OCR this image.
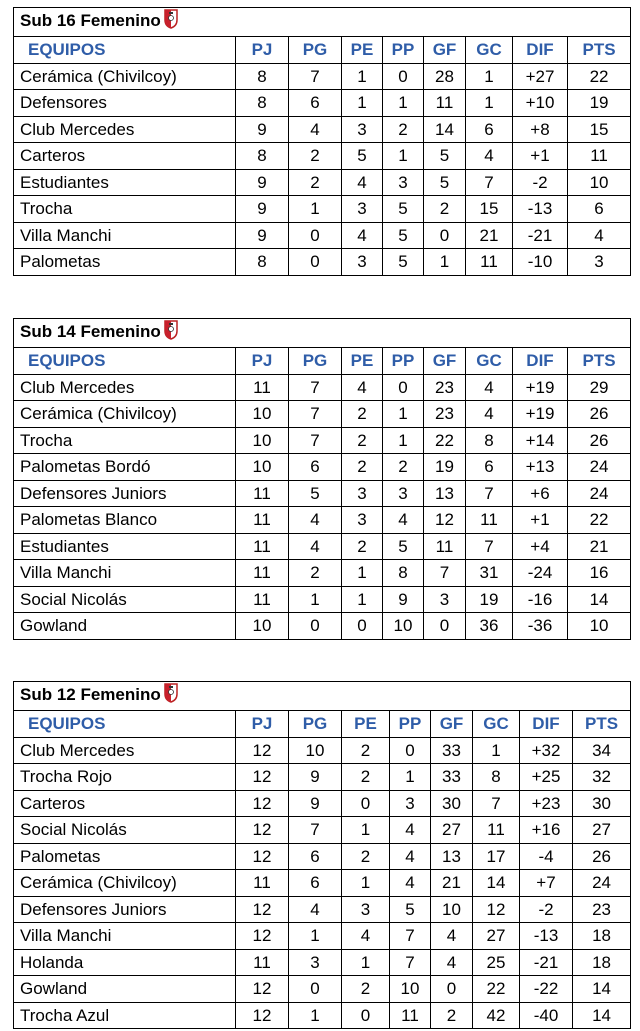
Sub 16 Femenino								
EQUIPOS	PJ	PG	PE	PP	GF	GC	DIF	PTS
Cerámica (Chivilcoy)	8	7	1	0	28	1	+27	22
Defensores	8	6	1	1	11	1	+10	19
Club Mercedes	9	4	3	2	14	6	+8	15
Carteros	8	2	5	1	5	4	+1	11
Estudiantes	9	2	4	3	5	7	-2	10
Trocha	9	1	3	5	2	15	-13	6
Villa Manchi	9	0	4	5	0	21	-21	4
Palometas	8	0	3	5	1	11	-10	3
Sub 14 Femenino								
EQUIPOS	PJ	PG	PE	PP	GF	GC	DIF	PTS
Club Mercedes	11	7	4	0	23	4	+19	29
Cerámica (Chivilcoy)	10	7	2	1	23	4	+19	26
Trocha	10	7	2	1	22	8	+14	26
Palometas Bordó	10	6	2	2	19	6	+13	24
Defensores Juniors	11	5	3	3	13	7	+6	24
Palometas Blanco	11	4	3	4	12	11	+1	22
Estudiantes	11	4	2	5	11	7	+4	21
Villa Manchi	11	2	1	8	7	31	-24	16
Social Nicolás	11	1	1	9	3	19	-16	14
Gowland	10	0	0	10	0	36	-36	10
Sub 12 Femenino								
EQUIPOS	PJ	PG	PE	PP	GF	GC	DIF	PTS
Club Mercedes	12	10	2	0	33	1	+32	34
Trocha Rojo	12	9	2	1	33	8	+25	32
Carteros	12	9	0	3	30	7	+23	30
Social Nicolás	12	7	1	4	27	11	+16	27
Palometas	12	6	2	4	13	17	-4	26
Cerámica (Chivilcoy)	11	6	1	4	21	14	+7	24
Defensores Juniors	12	4	3	5	10	12	-2	23
Villa Manchi	12	1	4	7	4	27	-13	18
Holanda	11	3	1	7	4	25	-21	18
Gowland	12	0	2	10	0	22	-22	14
Trocha Azul	12	1	0	11	2	42	-40	14
